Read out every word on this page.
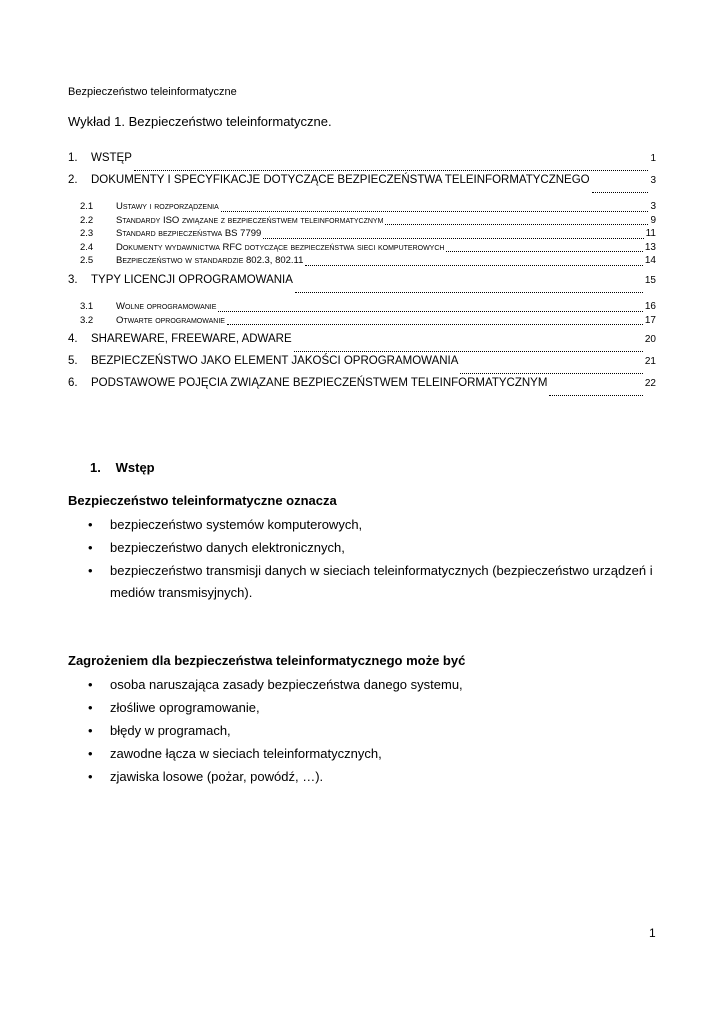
Bezpieczeństwo teleinformatyczne
Wykład 1. Bezpieczeństwo teleinformatyczne.
1.	WSTĘP	1
2.	DOKUMENTY I SPECYFIKACJE DOTYCZĄCE BEZPIECZEŃSTWA TELEINFORMATYCZNEGO	3
2.1	Ustawy i rozporządzenia	3
2.2	Standardy ISO związane z bezpieczeństwem teleinformatycznym	9
2.3	Standard bezpieczeństwa BS 7799	11
2.4	Dokumenty wydawnictwa RFC dotyczące bezpieczeństwa sieci komputerowych	13
2.5	Bezpieczeństwo w standardzie 802.3, 802.11	14
3.	TYPY LICENCJI OPROGRAMOWANIA	15
3.1	Wolne oprogramowanie	16
3.2	Otwarte oprogramowanie	17
4.	SHAREWARE, FREEWARE, ADWARE	20
5.	BEZPIECZEŃSTWO JAKO ELEMENT JAKOŚCI OPROGRAMOWANIA	21
6.	PODSTAWOWE POJĘCIA ZWIĄZANE BEZPIECZEŃSTWEM TELEINFORMATYCZNYM	22
1. Wstęp
Bezpieczeństwo teleinformatyczne oznacza
• bezpieczeństwo systemów komputerowych,
• bezpieczeństwo danych elektronicznych,
• bezpieczeństwo transmisji danych w sieciach teleinformatycznych (bezpieczeństwo urządzeń i mediów transmisyjnych).
Zagrożeniem dla bezpieczeństwa teleinformatycznego może być
• osoba naruszająca zasady bezpieczeństwa danego systemu,
• złośliwe oprogramowanie,
• błędy w programach,
• zawodne łącza w sieciach teleinformatycznych,
• zjawiska losowe (pożar, powódź, …).
1
